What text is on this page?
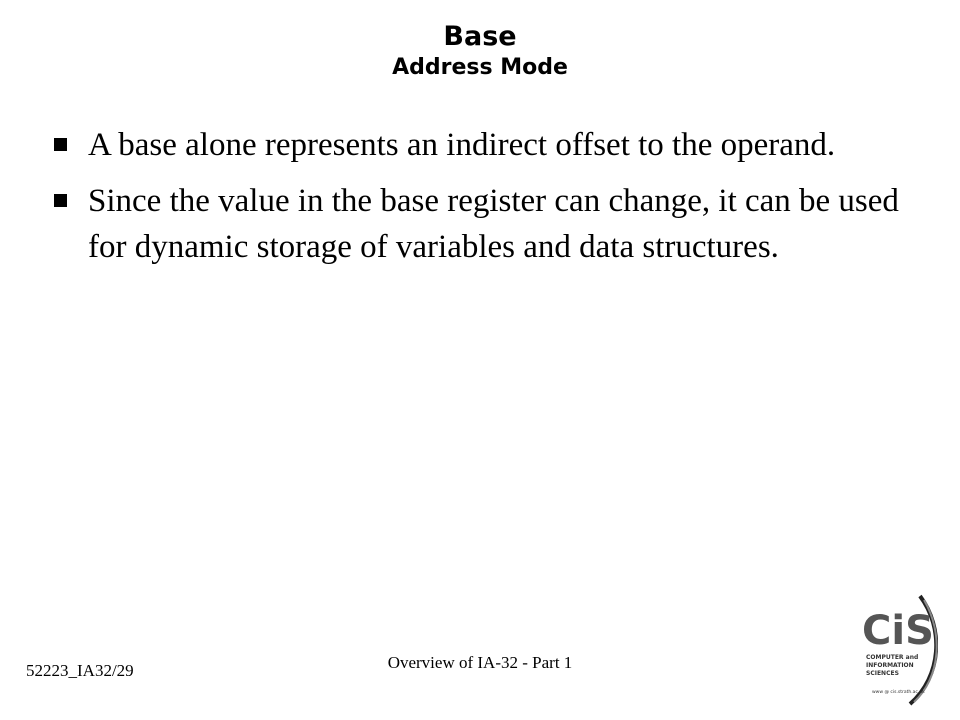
Base
Address Mode
A base alone represents an indirect offset to the operand.
Since the value in the base register can change, it can be used for dynamic storage of variables and data structures.
52223_IA32/29	Overview of IA-32 - Part 1
CiS
COMPUTER and
INFORMATION
SCIENCES
www @ cis.strath.ac.uk
